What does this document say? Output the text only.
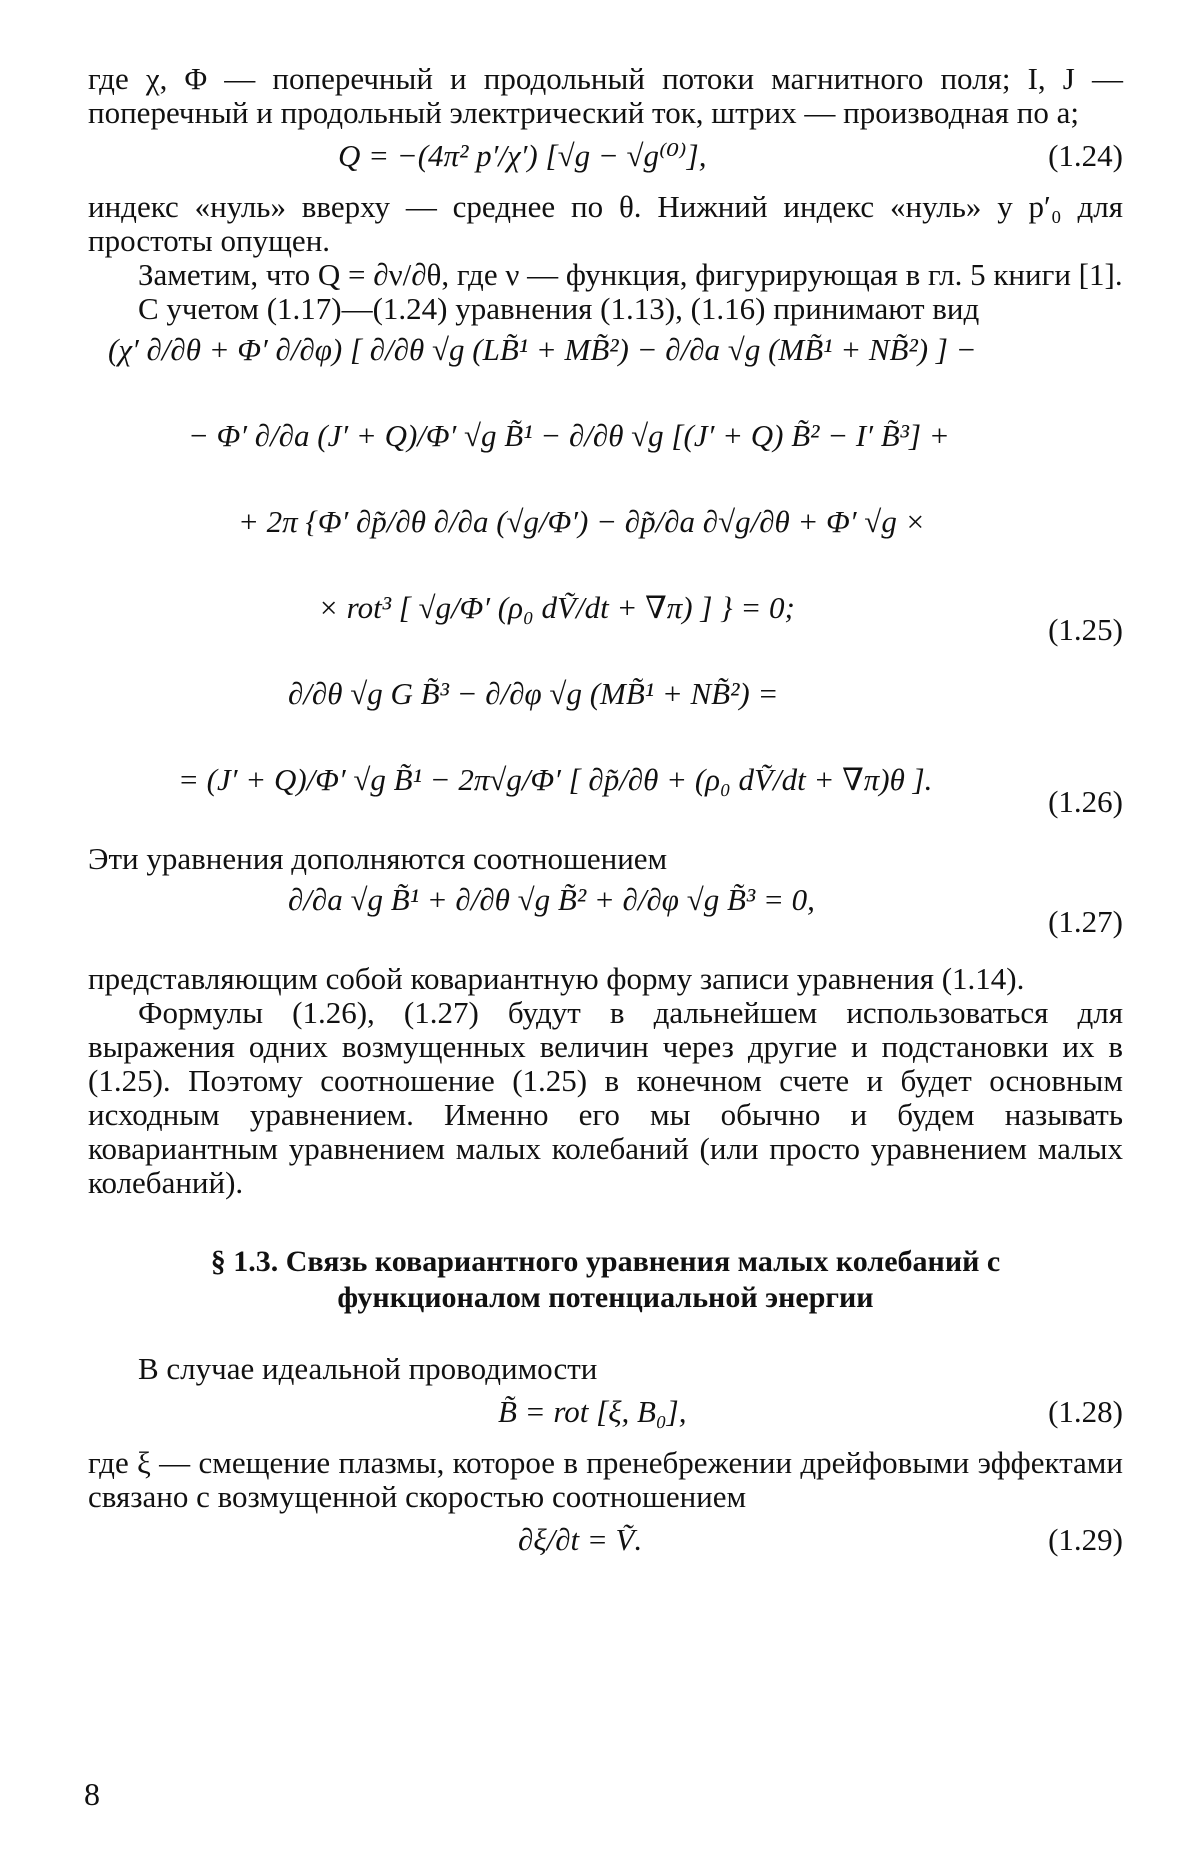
где χ, Φ — поперечный и продольный потоки магнитного поля; I, J — поперечный и продольный электрический ток, штрих — производная по a;

Q = −(4π² p′/χ′) [√g − √g⁽⁰⁾],	(1.24)

индекс «нуль» вверху — среднее по θ. Нижний индекс «нуль» у p′₀ для простоты опущен.

Заметим, что Q = ∂ν/∂θ, где ν — функция, фигурирующая в гл. 5 книги [1].

С учетом (1.17)—(1.24) уравнения (1.13), (1.16) принимают вид

(χ′ ∂/∂θ + Φ′ ∂/∂φ) [ ∂/∂θ √g (LB̃¹ + MB̃²) − ∂/∂a √g (MB̃¹ + NB̃²) ] −
− Φ′ ∂/∂a (J′ + Q)/Φ′ √g B̃¹ − ∂/∂θ √g [(J′ + Q) B̃² − I′ B̃³] +
+ 2π {Φ′ ∂p̃/∂θ ∂/∂a (√g/Φ′) − ∂p̃/∂a ∂√g/∂θ + Φ′ √g ×
× rot³ [ √g/Φ′ (ρ₀ dṼ/dt + ∇π) ] } = 0;
(1.25)
∂/∂θ √g G B̃³ − ∂/∂φ √g (MB̃¹ + NB̃²) =
= (J′ + Q)/Φ′ √g B̃¹ − 2π√g/Φ′ [ ∂p̃/∂θ + (ρ₀ dṼ/dt + ∇π)θ ].
(1.26)

Эти уравнения дополняются соотношением

∂/∂a √g B̃¹ + ∂/∂θ √g B̃² + ∂/∂φ √g B̃³ = 0,
(1.27)

представляющим собой ковариантную форму записи уравнения (1.14).

Формулы (1.26), (1.27) будут в дальнейшем использоваться для выражения одних возмущенных величин через другие и подстановки их в (1.25). Поэтому соотношение (1.25) в конечном счете и будет основным исходным уравнением. Именно его мы обычно и будем называть ковариантным уравнением малых колебаний (или просто уравнением малых колебаний).

§ 1.3. Связь ковариантного уравнения малых колебаний с
функционалом потенциальной энергии

В случае идеальной проводимости

B̃ = rot [ξ, B₀],	(1.28)

где ξ — смещение плазмы, которое в пренебрежении дрейфовыми эффектами связано с возмущенной скоростью соотношением

∂ξ/∂t = Ṽ.	(1.29)
8
